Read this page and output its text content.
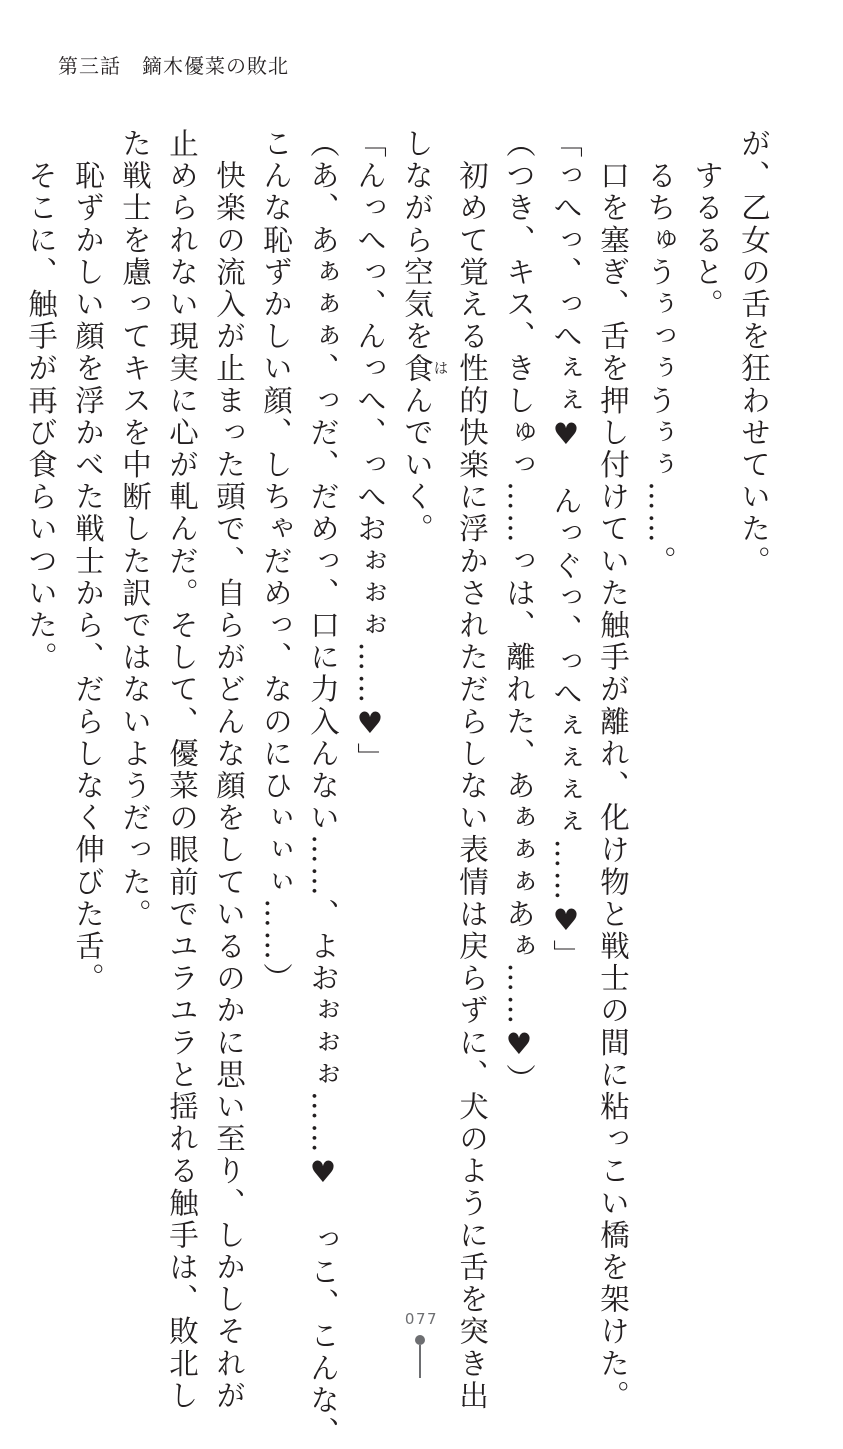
第三話　鏑木優菜の敗北

が、乙女の舌を狂わせていた。

　するると。

　るちゅうぅっぅうぅぅ……。

　口を塞ぎ、舌を押し付けていた触手が離れ、化け物と戦士の間に粘っこい橋を架けた。

「っへっ、っへぇぇ♥　んっぐっ、っへぇぇぇぇ……♥」

（つき、キス、きしゅっ……っは、離れた、あぁぁぁあぁ……♥）

　初めて覚える性的快楽に浮かされただらしない表情は戻らずに、犬のように舌を突き出

しながら空気を食はんでいく。

「んっへっ、んっへ、っへおぉぉぉ……♥」

（あ、あぁぁぁ、っだ、だめっ、口に力入んない……、よおぉぉぉ……♥　っこ、こんな、

こんな恥ずかしい顔、しちゃだめっ、なのにひぃぃぃ……）

　快楽の流入が止まった頭で、自らがどんな顔をしているのかに思い至り、しかしそれが

止められない現実に心が軋んだ。そして、優菜の眼前でユラユラと揺れる触手は、敗北し

た戦士を慮ってキスを中断した訳ではないようだった。

　恥ずかしい顔を浮かべた戦士から、だらしなく伸びた舌。

　そこに、触手が再び食らいついた。

077
